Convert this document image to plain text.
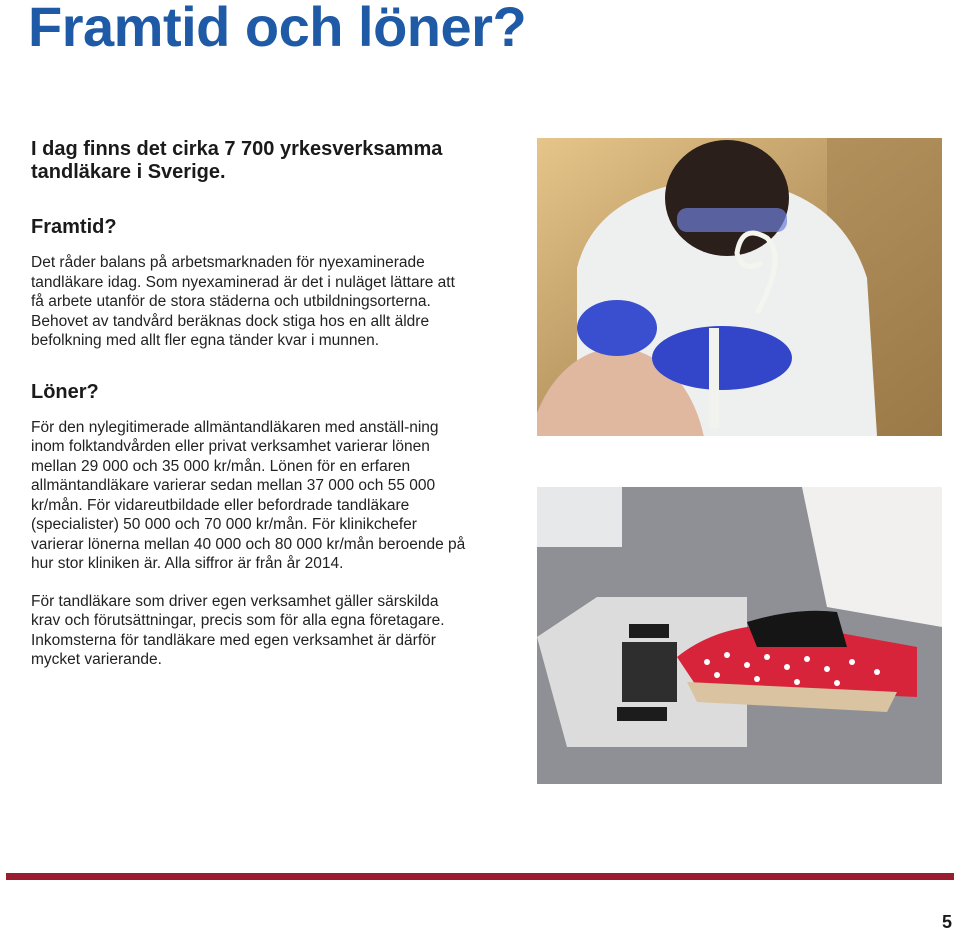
Framtid och löner?

I dag finns det cirka 7 700 yrkesverksamma tandläkare i Sverige.

Framtid?

Det råder balans på arbetsmarknaden för nyexaminerade tandläkare idag. Som nyexaminerad är det i nuläget lättare att få arbete utanför de stora städerna och utbildningsorterna. Behovet av tandvård beräknas dock stiga hos en allt äldre befolkning med allt fler egna tänder kvar i munnen.

Löner?

För den nylegitimerade allmäntandläkaren med anställ-ning inom folktandvården eller privat verksamhet varierar lönen mellan 29 000 och 35 000 kr/mån. Lönen för en erfaren allmäntandläkare varierar sedan mellan 37 000 och 55 000 kr/mån. För vidareutbildade eller befordrade tandläkare (specialister) 50 000 och 70 000 kr/mån. För klinikchefer varierar lönerna mellan 40 000 och 80 000 kr/mån beroende på hur stor kliniken är. Alla siffror är från år 2014.

För tandläkare som driver egen verksamhet gäller särskilda krav och förutsättningar, precis som för alla egna företagare. Inkomsterna för tandläkare med egen verksamhet är därför mycket varierande.

5
